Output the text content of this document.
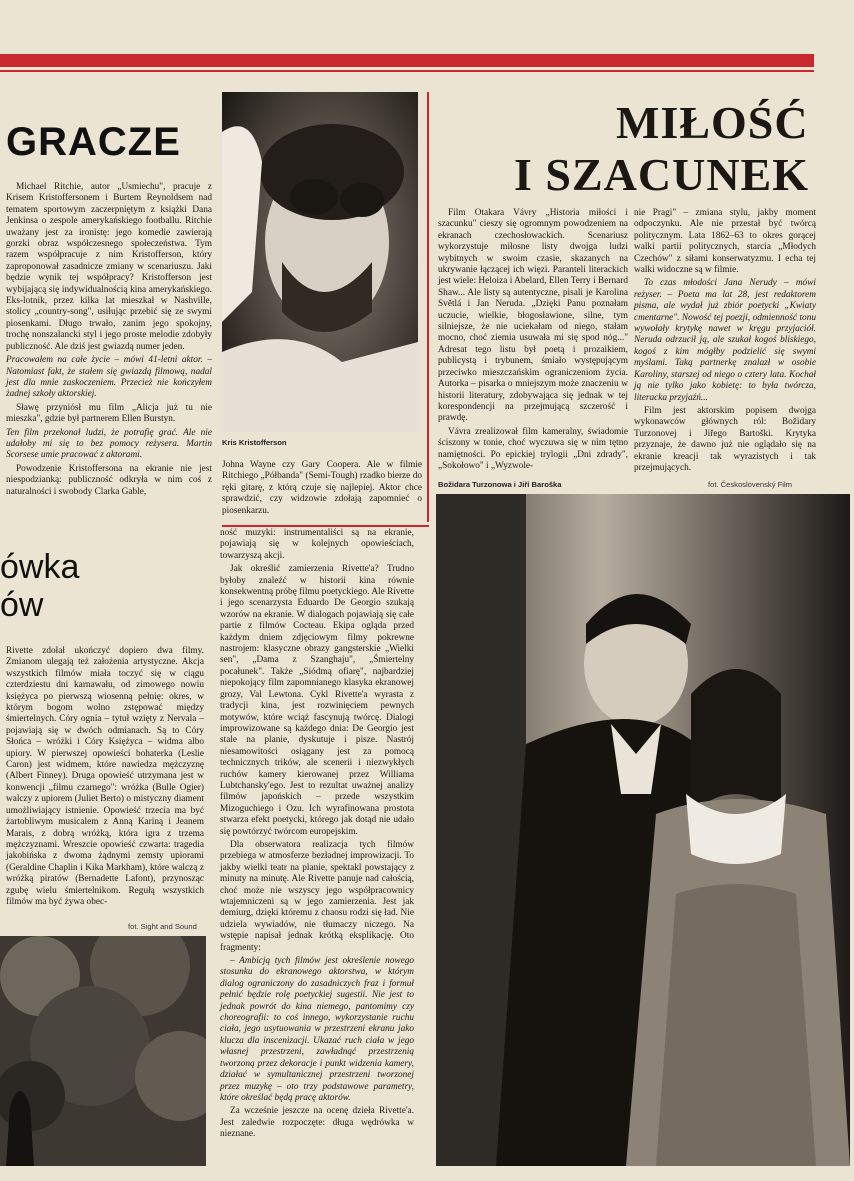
GRACZE

Michael Ritchie, autor „Usmiechu", pracuje z Krisem Kristoffersonem i Burtem Reynoldsem nad tematem sportowym zaczerpniętym z książki Dana Jenkinsa o zespole amerykańskiego footballu. Ritchie uważany jest za ironistę: jego komedie zawierają gorzki obraz współczesnego społeczeństwa. Tym razem współpracuje z nim Kristofferson, który zaproponował zasadnicze zmiany w scenariuszu. Jaki będzie wynik tej współpracy? Kristofferson jest wybijającą się indywidualnością kina amerykańskiego. Eks-lotnik, przez kilka lat mieszkał w Nashville, stolicy „country-song", usiłując przebić się ze swymi piosenkami. Długo trwało, zanim jego spokojny, trochę nonszalancki styl i jego proste melodie zdobyły publiczność. Ale dziś jest gwiazdą numer jeden.

Pracowałem na całe życie – mówi 41-letni aktor. – Natomiast fakt, że stałem się gwiazdą filmową, nadal jest dla mnie zaskoczeniem. Przecież nie kończyłem żadnej szkoły aktorskiej.

Sławę przyniósł mu film „Alicja już tu nie mieszka", gdzie był partnerem Ellen Burstyn.

Ten film przekonał ludzi, że potrafię grać. Ale nie udałoby mi się to bez pomocy reżysera. Martin Scorsese umie pracować z aktorami.

Powodzenie Kristoffersona na ekranie nie jest niespodzianką: publiczność odkryła w nim coś z naturalności i swobody Clarka Gable,

Kris Kristofferson

Johna Wayne czy Gary Coopera. Ale w filmie Ritchiego „Półbanda" (Semi-Tough) rzadko bierze do ręki gitarę, z którą czuje się najlepiej. Aktor chce sprawdzić, czy widzowie zdołają zapomnieć o piosenkarzu.

MIŁOŚĆ
I SZACUNEK

Film Otakara Vávry „Historia miłości i szacunku" cieszy się ogromnym powodzeniem na ekranach czechosłowackich. Scenariusz wykorzystuje miłosne listy dwojga ludzi wybitnych w swoim czasie, skazanych na ukrywanie łączącej ich więzi. Paranteli literackich jest wiele: Heloiza i Abelard, Ellen Terry i Bernard Shaw... Ale listy są autentyczne, pisali je Karolina Světlá i Jan Neruda. „Dzięki Panu poznałam uczucie, wielkie, błogosławione, silne, tym silniejsze, że nie uciekałam od niego, stałam mocno, choć ziemia usuwała mi się spod nóg..." Adresat tego listu był poetą i prozaikiem, publicystą i trybunem, śmiało występującym przeciwko mieszczańskim ograniczeniom życia. Autorka – pisarka o mniejszym może znaczeniu w historii literatury, zdobywająca się jednak w tej korespondencji na przejmującą szczerość i prawdę.

Vávra zrealizował film kameralny, świadomie ściszony w tonie, choć wyczuwa się w nim tętno namiętności. Po epickiej trylogii „Dni zdrady", „Sokołowo" i „Wyzwole-

nie Pragi" – zmiana stylu, jakby moment odpoczynku. Ale nie przestał być twórcą politycznym. Lata 1862–63 to okres gorącej walki partii politycznych, starcia „Młodych Czechów" z siłami konserwatyzmu. I echa tej walki widoczne są w filmie.

To czas młodości Jana Nerudy – mówi reżyser. – Poeta ma lat 28, jest redaktorem pisma, ale wydał już zbiór poetycki „Kwiaty cmentarne". Nowość tej poezji, odmienność tonu wywołały krytykę nawet w kręgu przyjaciół. Neruda odrzucił ją, ale szukał kogoś bliskiego, kogoś z kim mógłby podzielić się swymi myślami. Taką partnerkę znalazł w osobie Karoliny, starszej od niego o cztery lata. Kochał ją nie tylko jako kobietę: to była twórcza, literacka przyjaźń...

Film jest aktorskim popisem dwojga wykonawców głównych ról: Božidary Turzonovej i Jiřego Bartoški. Krytyka przyznaje, że dawno już nie oglądało się na ekranie kreacji tak wyrazistych i tak przejmujących.

Božidara Turzonowa i Jiří Baroška	fot. Československý Film
ówka
ów

Rivette zdołał ukończyć dopiero dwa filmy. Zmianom ulegają też założenia artystyczne. Akcja wszystkich filmów miała toczyć się w ciągu czterdziestu dni karnawału, od zimowego nowiu księżyca po pierwszą wiosenną pełnię: okres, w którym bogom wolno zstępować między śmiertelnych. Córy ognia – tytuł wzięty z Nervala – pojawiają się w dwóch odmianach. Są to Córy Słońca – wróżki i Córy Księżyca – widma albo upiory. W pierwszej opowieści bohaterka (Leslie Caron) jest widmem, które nawiedza mężczyznę (Albert Finney). Druga opowieść utrzymana jest w konwencji „filmu czarnego": wróżka (Bulle Ogier) walczy z upiorem (Juliet Berto) o mistyczny diament umożliwiający istnienie. Opowieść trzecia ma być żartobliwym musicalem z Anną Kariną i Jeanem Marais, z dobrą wróżką, która igra z trzema mężczyznami. Wreszcie opowieść czwarta: tragedia jakobińska z dwoma żądnymi zemsty upiorami (Geraldine Chaplin i Kika Markham), które walczą z wróżką piratów (Bernadette Lafont), przynosząc zgubę wielu śmiertelnikom. Regułą wszystkich filmów ma być żywa obec-

fot. Sight and Sound

ność muzyki: instrumentaliści są na ekranie, pojawiają się w kolejnych opowieściach, towarzyszą akcji.

Jak określić zamierzenia Rivette'a? Trudno byłoby znaleźć w historii kina równie konsekwentną próbę filmu poetyckiego. Ale Rivette i jego scenarzysta Eduardo De Georgio szukają wzorów na ekranie. W dialogach pojawiają się całe partie z filmów Cocteau. Ekipa ogląda przed każdym dniem zdjęciowym filmy pokrewne nastrojem: klasyczne obrazy gangsterskie „Wielki sen", „Dama z Szanghaju", „Śmiertelny pocałunek". Także „Siódmą ofiarę", najbardziej niepokojący film zapomnianego klasyka ekranowej grozy, Val Lewtona. Cykl Rivette'a wyrasta z tradycji kina, jest rozwinięciem pewnych motywów, które wciąż fascynują twórcę. Dialogi improwizowane są każdego dnia: De Georgio jest stale na planie, dyskutuje i pisze. Nastrój niesamowitości osiągany jest za pomocą technicznych trików, ale scenerii i niezwykłych ruchów kamery kierowanej przez Williama Lubtchansky'ego. Jest to rezultat uważnej analizy filmów japońskich – przede wszystkim Mizoguchiego i Ozu. Ich wyrafinowana prostota stwarza efekt poetycki, którego jak dotąd nie udało się powtórzyć twórcom europejskim.

Dla obserwatora realizacja tych filmów przebiega w atmosferze bezładnej improwizacji. To jakby wielki teatr na planie, spektakl powstający z minuty na minutę. Ale Rivette panuje nad całością, choć może nie wszyscy jego współpracownicy wtajemniczeni są w jego zamierzenia. Jest jak demiurg, dzięki któremu z chaosu rodzi się ład. Nie udziela wywiadów, nie tłumaczy niczego. Na wstępie napisał jednak krótką eksplikację. Oto fragmenty:

– Ambicją tych filmów jest określenie nowego stosunku do ekranowego aktorstwa, w którym dialog ograniczony do zasadniczych fraz i formuł pełnić będzie rolę poetyckiej sugestii. Nie jest to jednak powrót do kina niemego, pantomimy czy choreografii: to coś innego, wykorzystanie ruchu ciała, jego usytuowania w przestrzeni ekranu jako klucza dla inscenizacji. Ukazać ruch ciała w jego własnej przestrzeni, zawładnąć przestrzenią tworzoną przez dekoracje i punkt widzenia kamery, działać w symultanicznej przestrzeni tworzonej przez muzykę – oto trzy podstawowe parametry, które określać będą pracę aktorów.

Za wcześnie jeszcze na ocenę dzieła Rivette'a. Jest zaledwie rozpoczęte: długa wędrówka w nieznane.
